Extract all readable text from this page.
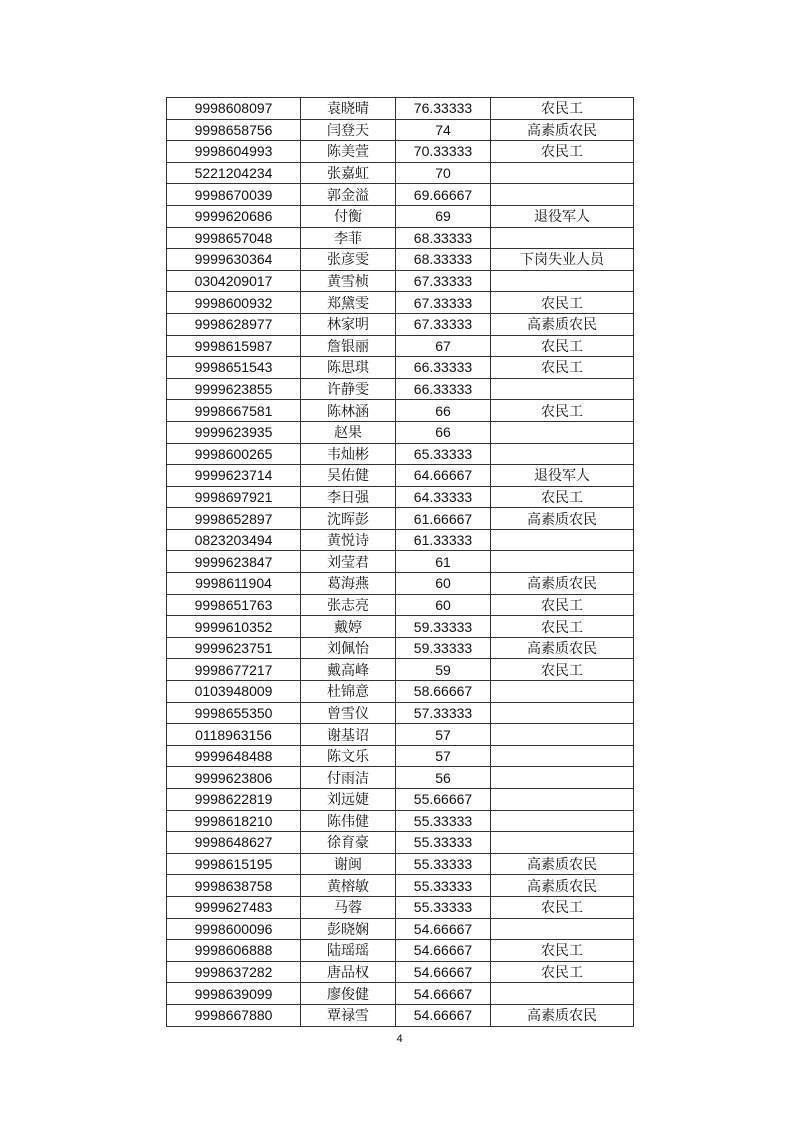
9998608097	袁晓晴	76.33333	农民工
9998658756	闫登天	74	高素质农民
9998604993	陈美萱	70.33333	农民工
5221204234	张嘉虹	70	
9998670039	郭金溢	69.66667	
9999620686	付衡	69	退役军人
9998657048	李菲	68.33333	
9999630364	张彦雯	68.33333	下岗失业人员
0304209017	黄雪桢	67.33333	
9998600932	郑黛雯	67.33333	农民工
9998628977	林家明	67.33333	高素质农民
9998615987	詹银丽	67	农民工
9998651543	陈思琪	66.33333	农民工
9999623855	许静雯	66.33333	
9998667581	陈林涵	66	农民工
9999623935	赵果	66	
9998600265	韦灿彬	65.33333	
9999623714	吴佑健	64.66667	退役军人
9998697921	李日强	64.33333	农民工
9998652897	沈晖彭	61.66667	高素质农民
0823203494	黄悦诗	61.33333	
9999623847	刘莹君	61	
9998611904	葛海燕	60	高素质农民
9998651763	张志亮	60	农民工
9999610352	戴婷	59.33333	农民工
9999623751	刘佩怡	59.33333	高素质农民
9998677217	戴高峰	59	农民工
0103948009	杜锦意	58.66667	
9998655350	曾雪仪	57.33333	
0118963156	谢基诏	57	
9999648488	陈文乐	57	
9999623806	付雨洁	56	
9998622819	刘远婕	55.66667	
9998618210	陈伟健	55.33333	
9998648627	徐育豪	55.33333	
9998615195	谢闽	55.33333	高素质农民
9998638758	黄榕敏	55.33333	高素质农民
9999627483	马蓉	55.33333	农民工
9998600096	彭晓娴	54.66667	
9998606888	陆瑶瑶	54.66667	农民工
9998637282	唐品权	54.66667	农民工
9998639099	廖俊健	54.66667	
9998667880	覃禄雪	54.66667	高素质农民
4
